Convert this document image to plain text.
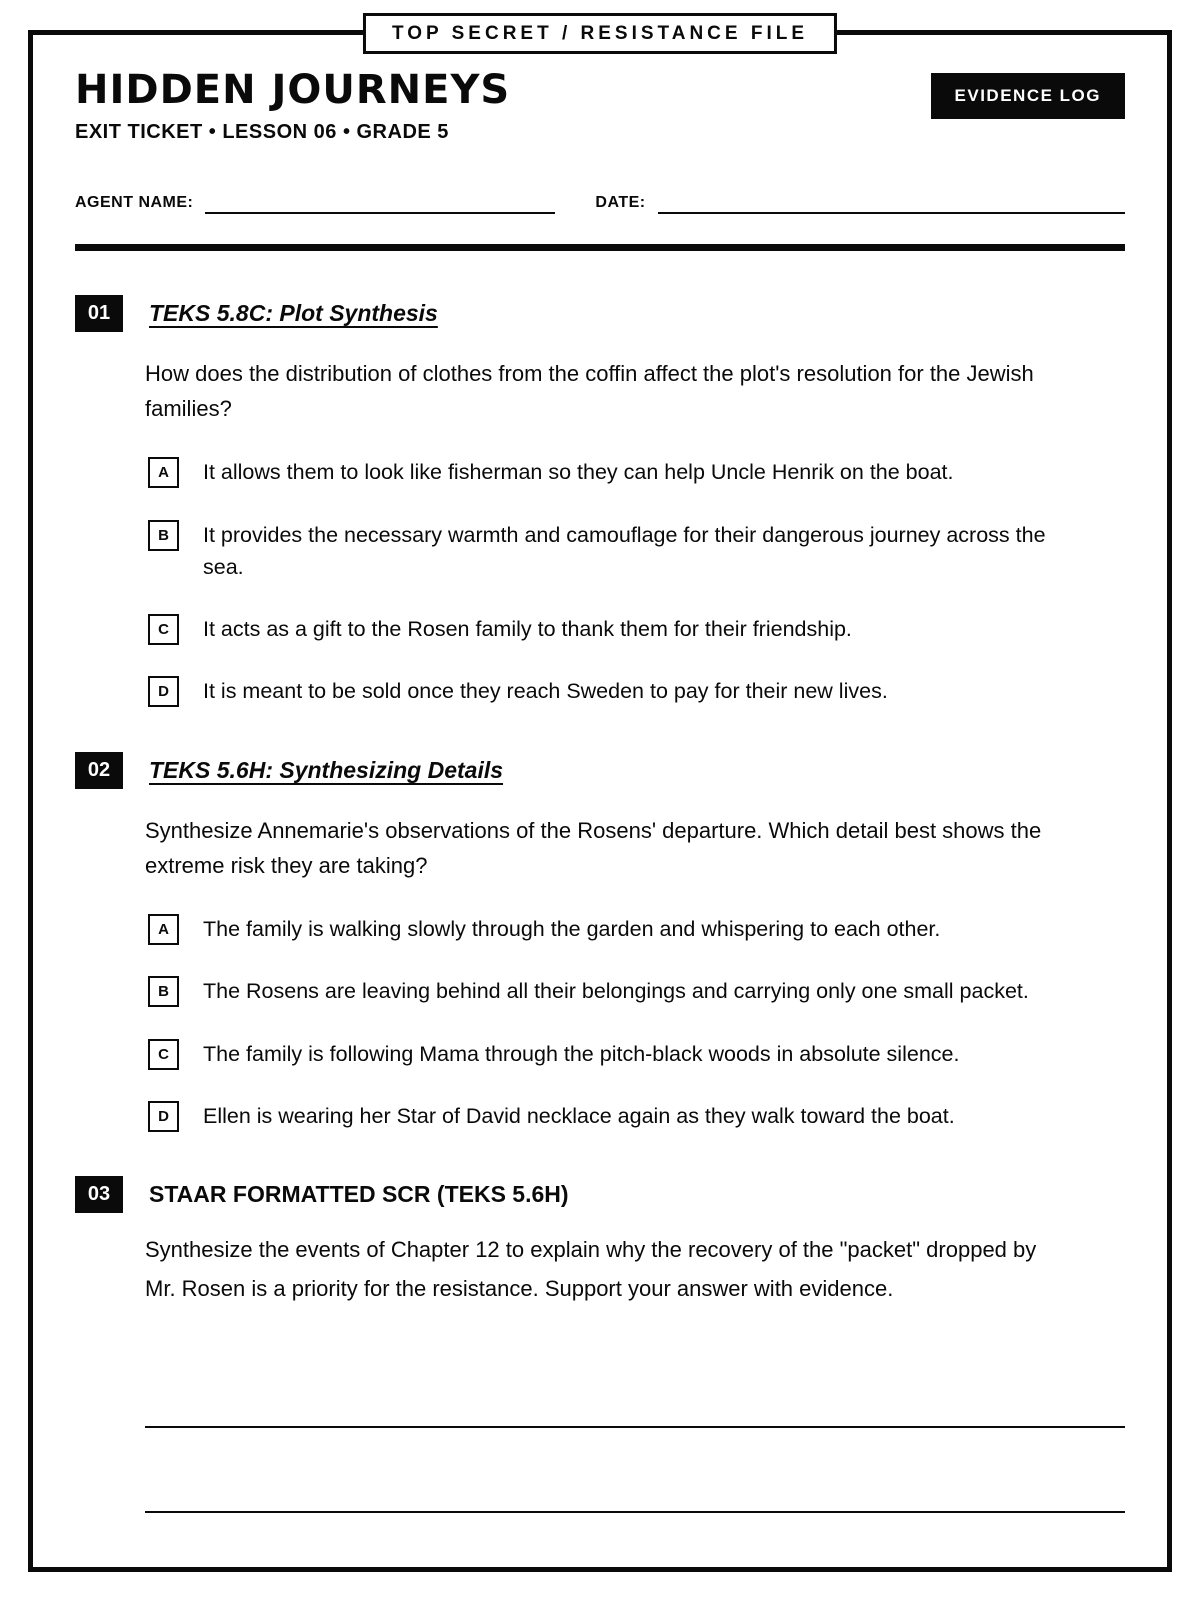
TOP SECRET / RESISTANCE FILE
HIDDEN JOURNEYS
EXIT TICKET • LESSON 06 • GRADE 5
EVIDENCE LOG
AGENT NAME:	DATE:
01	TEKS 5.8C: Plot Synthesis

How does the distribution of clothes from the coffin affect the plot's resolution for the Jewish families?

A	It allows them to look like fisherman so they can help Uncle Henrik on the boat.
B	It provides the necessary warmth and camouflage for their dangerous journey across the sea.
C	It acts as a gift to the Rosen family to thank them for their friendship.
D	It is meant to be sold once they reach Sweden to pay for their new lives.
02	TEKS 5.6H: Synthesizing Details

Synthesize Annemarie's observations of the Rosens' departure. Which detail best shows the extreme risk they are taking?

A	The family is walking slowly through the garden and whispering to each other.
B	The Rosens are leaving behind all their belongings and carrying only one small packet.
C	The family is following Mama through the pitch-black woods in absolute silence.
D	Ellen is wearing her Star of David necklace again as they walk toward the boat.
03	STAAR FORMATTED SCR (TEKS 5.6H)

Synthesize the events of Chapter 12 to explain why the recovery of the "packet" dropped by Mr. Rosen is a priority for the resistance. Support your answer with evidence.
